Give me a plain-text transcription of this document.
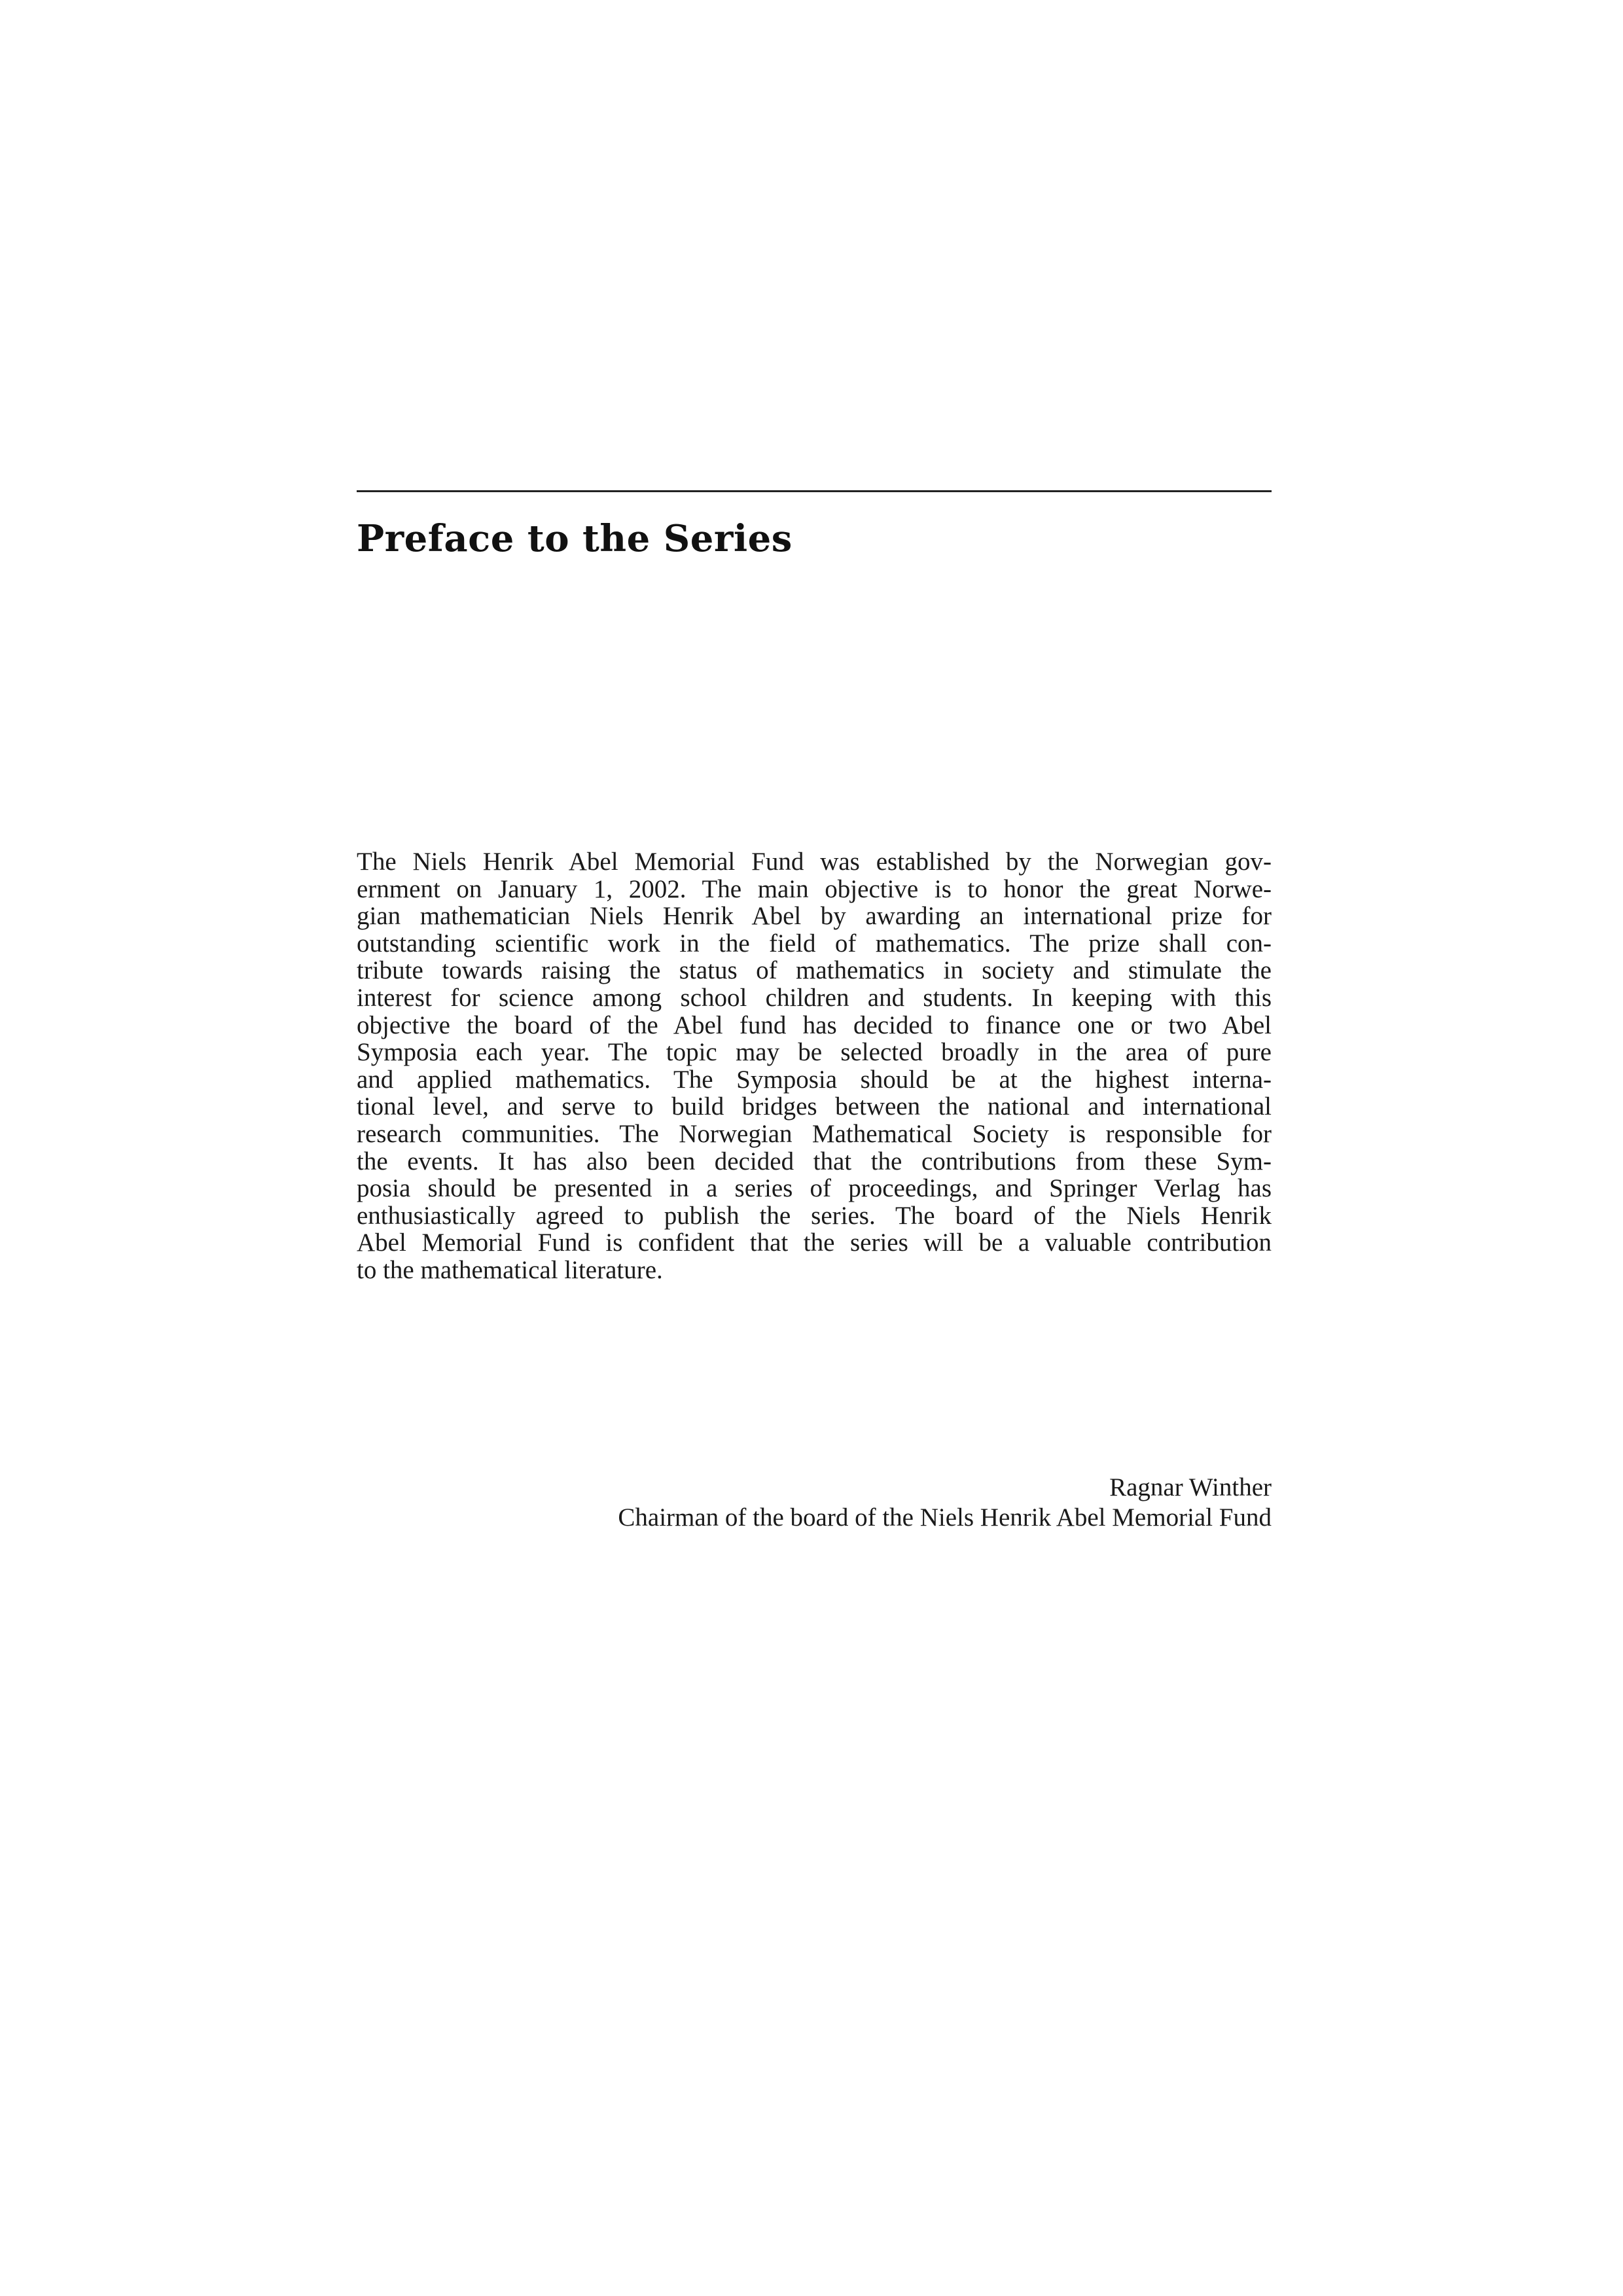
Preface to the Series
The Niels Henrik Abel Memorial Fund was established by the Norwegian gov-
ernment on January 1, 2002. The main objective is to honor the great Norwe-
gian mathematician Niels Henrik Abel by awarding an international prize for
outstanding scientific work in the field of mathematics. The prize shall con-
tribute towards raising the status of mathematics in society and stimulate the
interest for science among school children and students. In keeping with this
objective the board of the Abel fund has decided to finance one or two Abel
Symposia each year. The topic may be selected broadly in the area of pure
and applied mathematics. The Symposia should be at the highest interna-
tional level, and serve to build bridges between the national and international
research communities. The Norwegian Mathematical Society is responsible for
the events. It has also been decided that the contributions from these Sym-
posia should be presented in a series of proceedings, and Springer Verlag has
enthusiastically agreed to publish the series. The board of the Niels Henrik
Abel Memorial Fund is confident that the series will be a valuable contribution
to the mathematical literature.
Ragnar Winther
Chairman of the board of the Niels Henrik Abel Memorial Fund
